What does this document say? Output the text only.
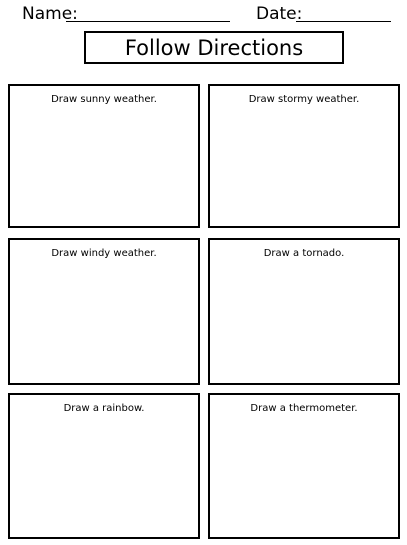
Name:	Date:
Follow Directions
Draw sunny weather.	Draw stormy weather.
Draw windy weather.	Draw a tornado.
Draw a rainbow.	Draw a thermometer.
